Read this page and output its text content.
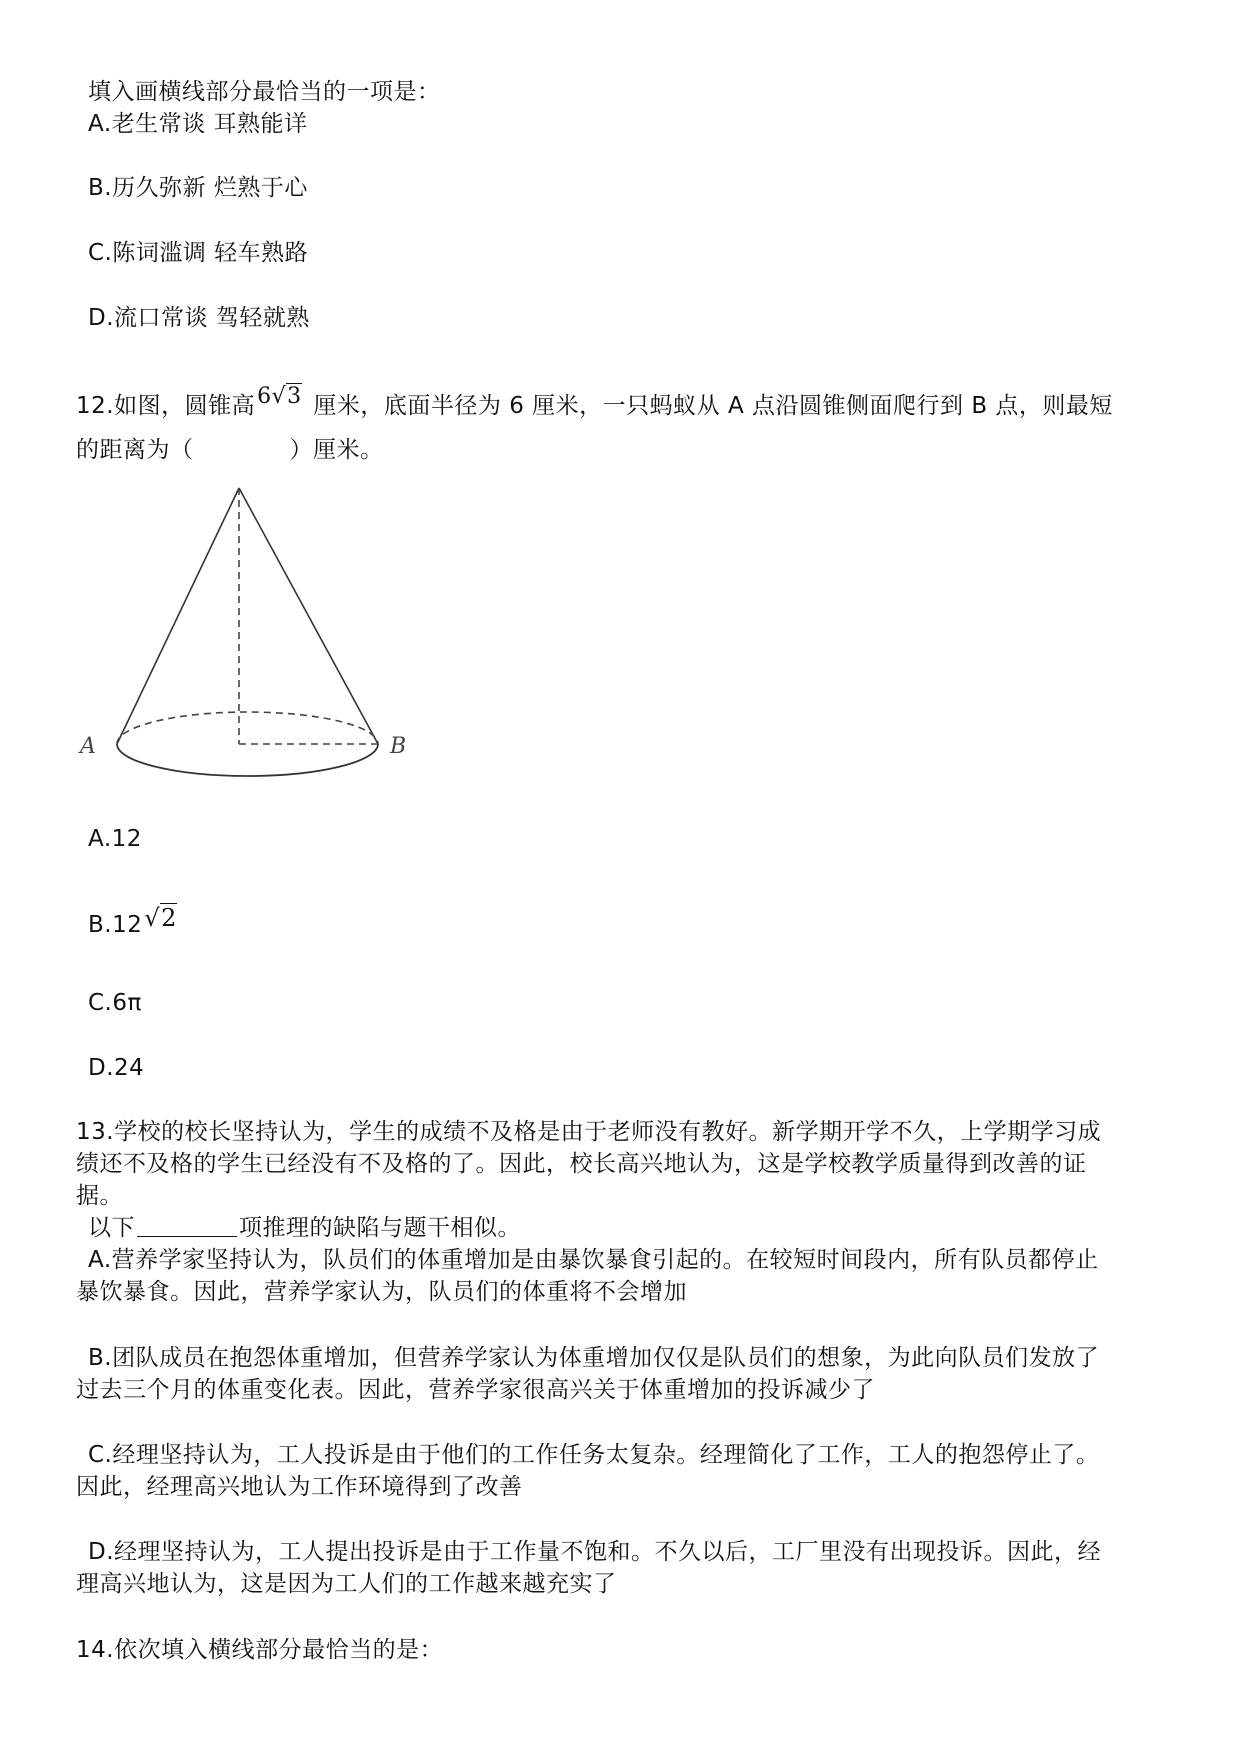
填入画横线部分最恰当的一项是：
A.老生常谈 耳熟能详
B.历久弥新 烂熟于心
C.陈词滥调 轻车熟路
D.流口常谈 驾轻就熟
12.如图，圆锥高6√3 厘米，底面半径为 6 厘米，一只蚂蚁从 A 点沿圆锥侧面爬行到 B 点，则最短
的距离为（	）厘米。
A	B
A.12
B.12√2
C.6π
D.24
13.学校的校长坚持认为，学生的成绩不及格是由于老师没有教好。新学期开学不久，上学期学习成
绩还不及格的学生已经没有不及格的了。因此，校长高兴地认为，这是学校教学质量得到改善的证
据。
以下	项推理的缺陷与题干相似。
A.营养学家坚持认为，队员们的体重增加是由暴饮暴食引起的。在较短时间段内，所有队员都停止
暴饮暴食。因此，营养学家认为，队员们的体重将不会增加
B.团队成员在抱怨体重增加，但营养学家认为体重增加仅仅是队员们的想象，为此向队员们发放了
过去三个月的体重变化表。因此，营养学家很高兴关于体重增加的投诉减少了
C.经理坚持认为，工人投诉是由于他们的工作任务太复杂。经理简化了工作，工人的抱怨停止了。
因此，经理高兴地认为工作环境得到了改善
D.经理坚持认为，工人提出投诉是由于工作量不饱和。不久以后，工厂里没有出现投诉。因此，经
理高兴地认为，这是因为工人们的工作越来越充实了
14.依次填入横线部分最恰当的是：
